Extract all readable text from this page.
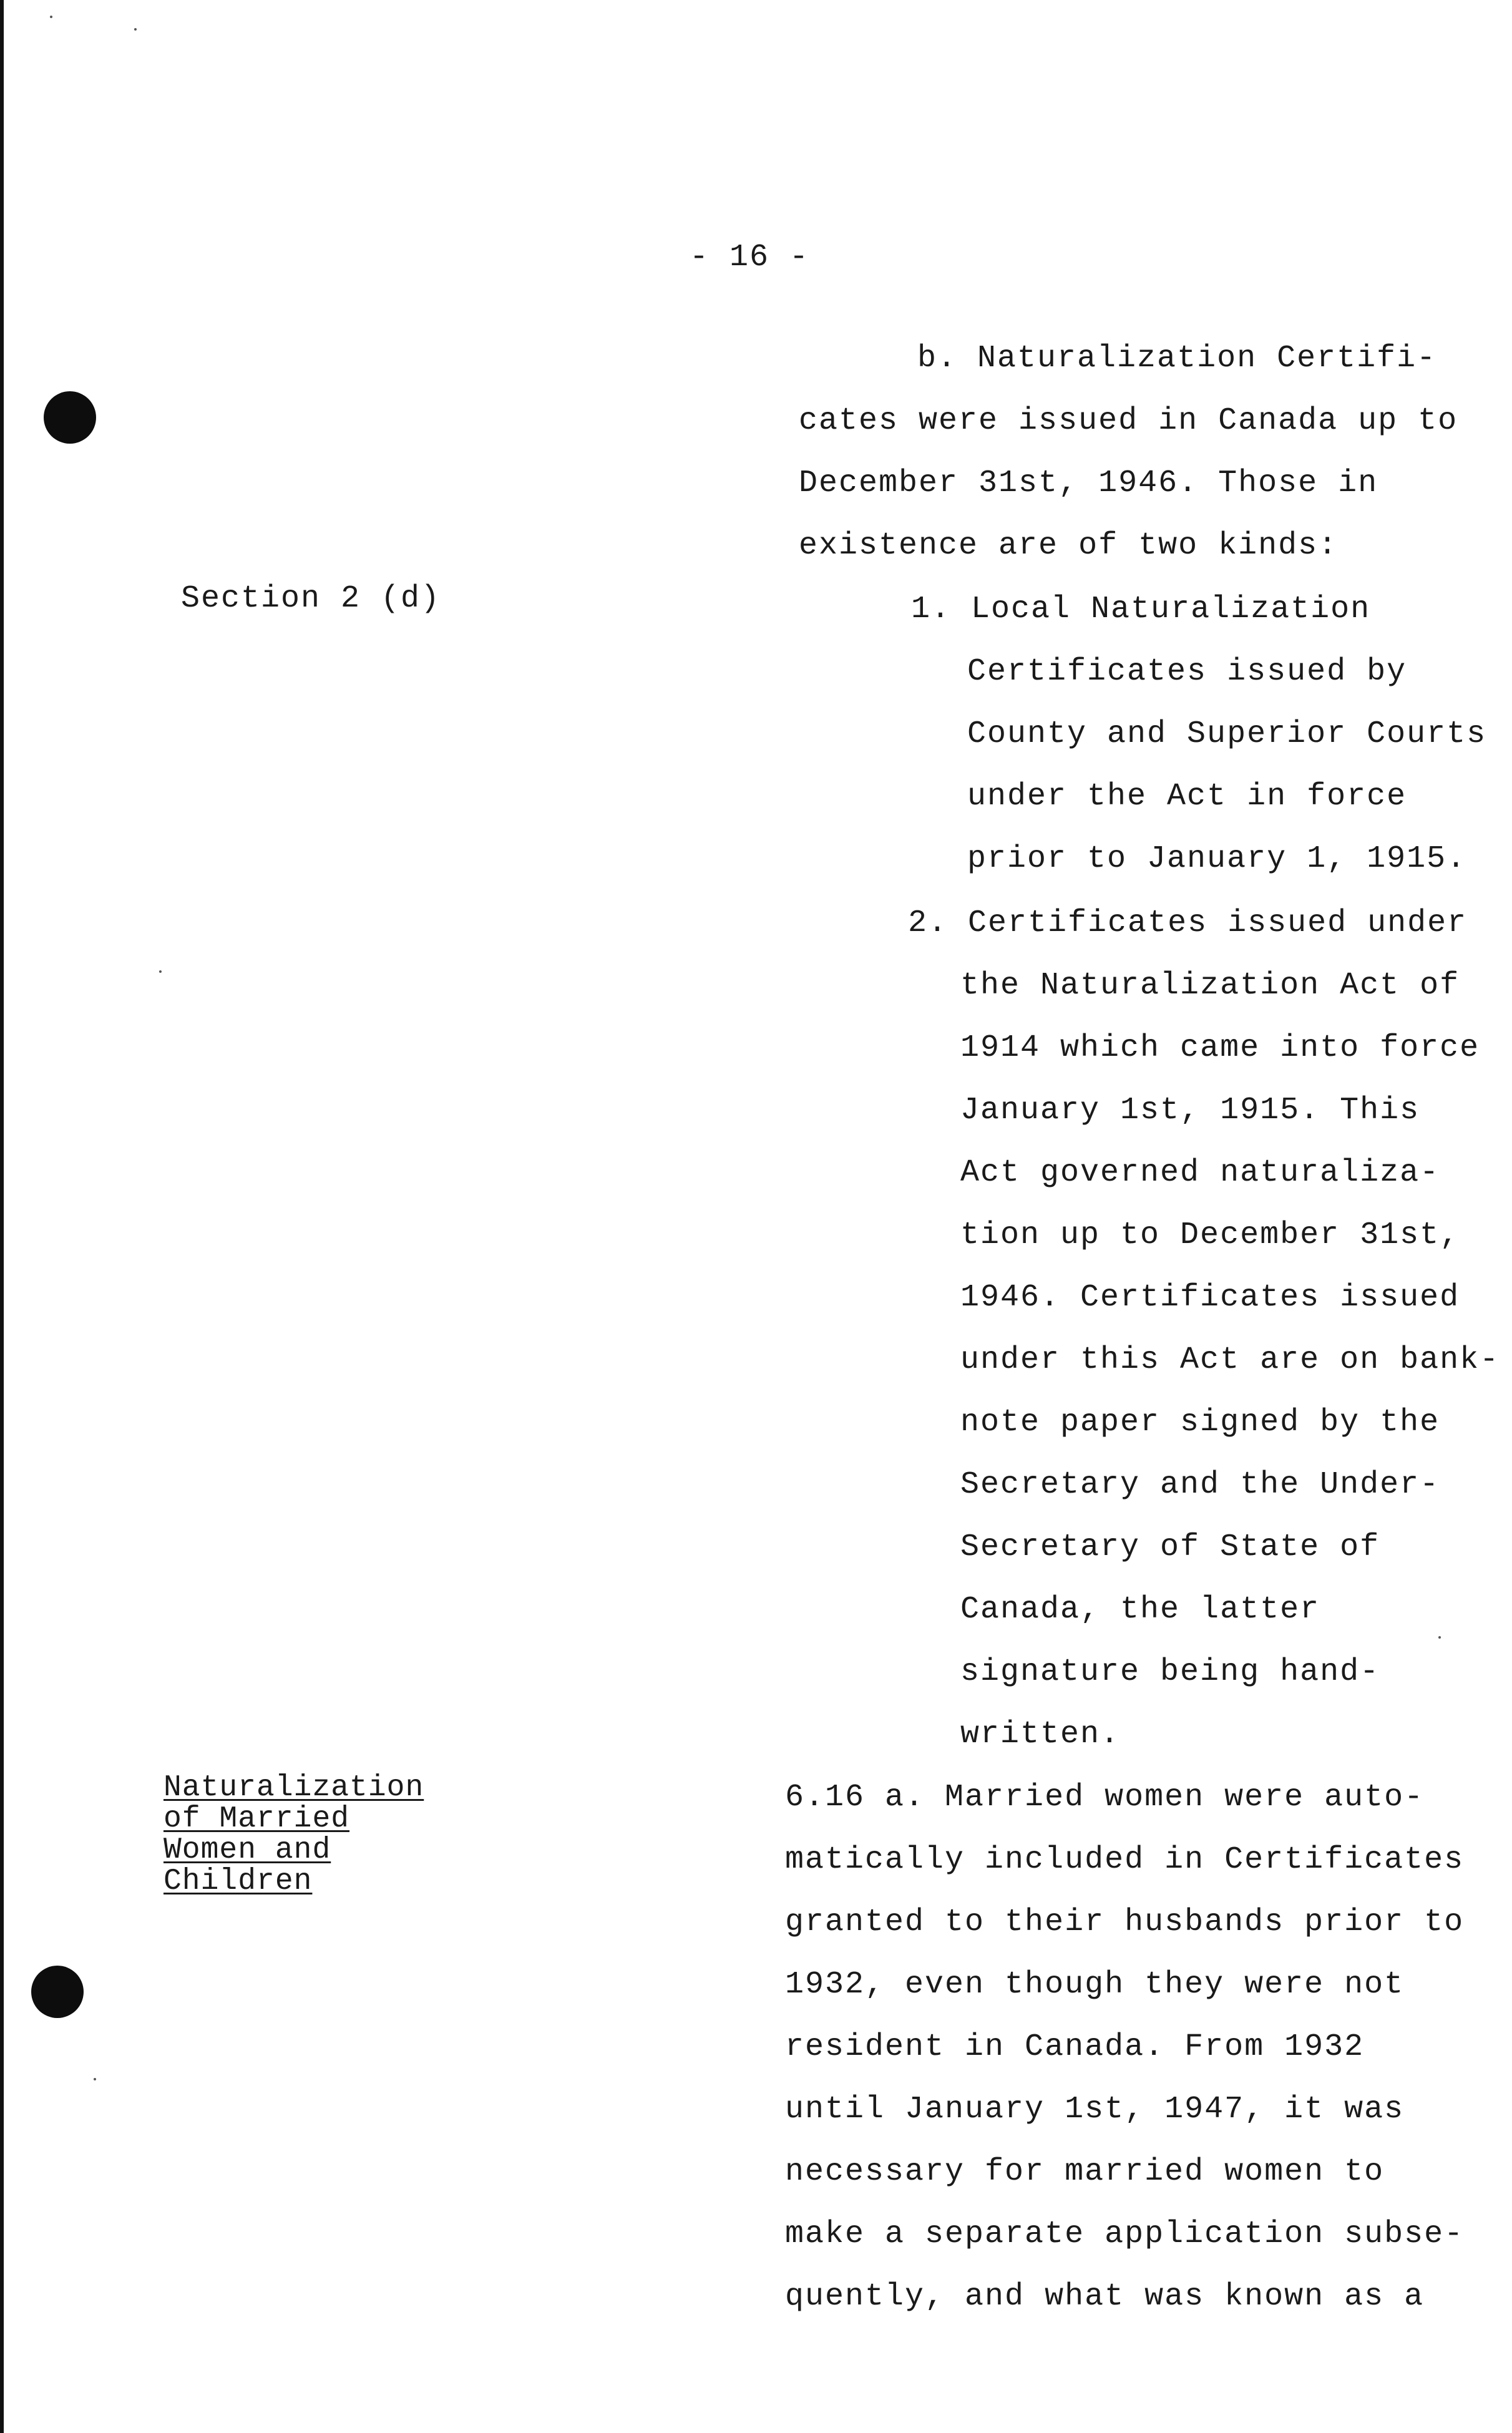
- 16 -
Section 2 (d)
Naturalization
of Married
Women and
Children
b. Naturalization Certifi-
cates were issued in Canada up to
December 31st, 1946. Those in
existence are of two kinds:
1. Local Naturalization
Certificates issued by
County and Superior Courts
under the Act in force
prior to January 1, 1915.
2. Certificates issued under
the Naturalization Act of
1914 which came into force
January 1st, 1915. This
Act governed naturaliza-
tion up to December 31st,
1946. Certificates issued
under this Act are on bank-
note paper signed by the
Secretary and the Under-
Secretary of State of
Canada, the latter
signature being hand-
written.
6.16 a. Married women were auto-
matically included in Certificates
granted to their husbands prior to
1932, even though they were not
resident in Canada. From 1932
until January 1st, 1947, it was
necessary for married women to
make a separate application subse-
quently, and what was known as a
